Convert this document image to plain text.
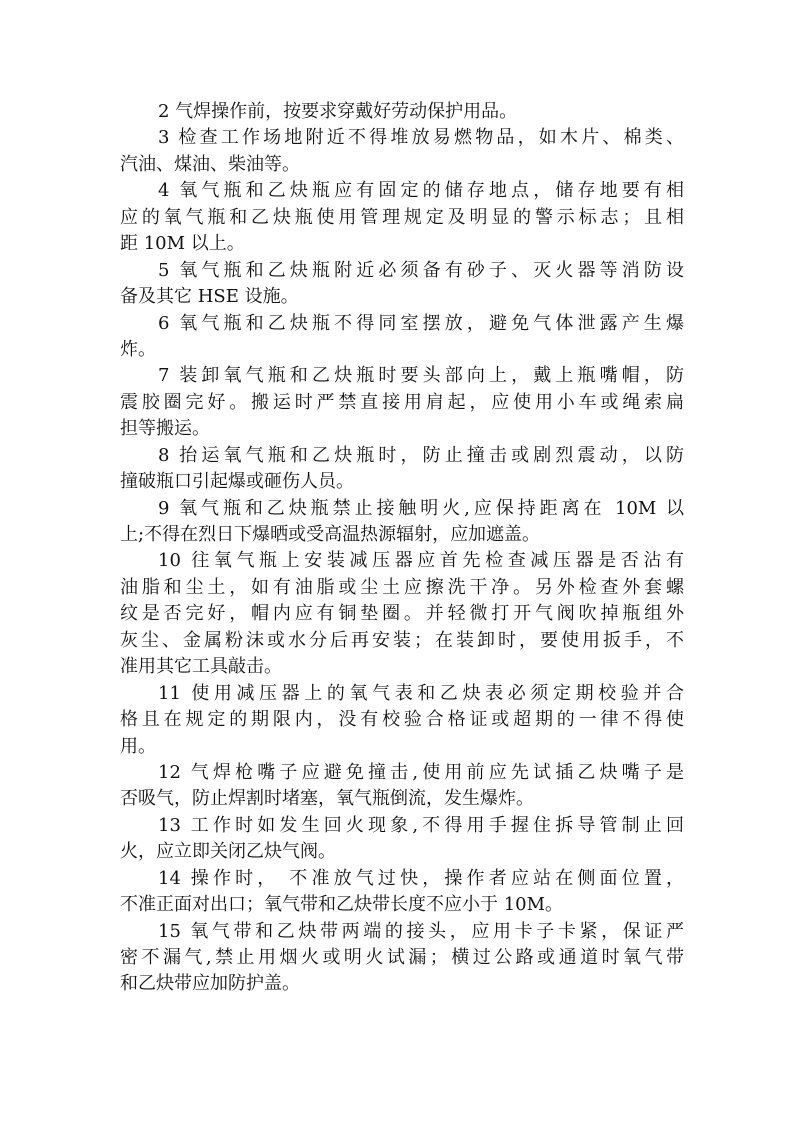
2 气焊操作前，按要求穿戴好劳动保护用品。
3 检查工作场地附近不得堆放易燃物品，如木片、棉类、
汽油、煤油、柴油等。
4 氧气瓶和乙炔瓶应有固定的储存地点，储存地要有相
应的氧气瓶和乙炔瓶使用管理规定及明显的警示标志；且相
距 10M 以上。
5 氧气瓶和乙炔瓶附近必须备有砂子、灭火器等消防设
备及其它 HSE 设施。
6 氧气瓶和乙炔瓶不得同室摆放，避免气体泄露产生爆
炸。
7 装卸氧气瓶和乙炔瓶时要头部向上，戴上瓶嘴帽，防
震胶圈完好。搬运时严禁直接用肩起，应使用小车或绳索扁
担等搬运。
8 抬运氧气瓶和乙炔瓶时，防止撞击或剧烈震动，以防
撞破瓶口引起爆或砸伤人员。
9 氧气瓶和乙炔瓶禁止接触明火,应保持距离在 10M 以
上;不得在烈日下爆晒或受高温热源辐射，应加遮盖。
10 往氧气瓶上安装减压器应首先检查减压器是否沾有
油脂和尘土，如有油脂或尘土应擦洗干净。另外检查外套螺
纹是否完好，帽内应有铜垫圈。并轻微打开气阀吹掉瓶组外
灰尘、金属粉沫或水分后再安装；在装卸时，要使用扳手，不
准用其它工具敲击。
11 使用减压器上的氧气表和乙炔表必须定期校验并合
格且在规定的期限内，没有校验合格证或超期的一律不得使
用。
12 气焊枪嘴子应避免撞击,使用前应先试插乙炔嘴子是
否吸气，防止焊割时堵塞，氧气瓶倒流，发生爆炸。
13 工作时如发生回火现象,不得用手握住拆导管制止回
火，应立即关闭乙炔气阀。
14 操作时， 不准放气过快，操作者应站在侧面位置，
不准正面对出口；氧气带和乙炔带长度不应小于 10M。
15 氧气带和乙炔带两端的接头，应用卡子卡紧，保证严
密不漏气,禁止用烟火或明火试漏；横过公路或通道时氧气带
和乙炔带应加防护盖。
